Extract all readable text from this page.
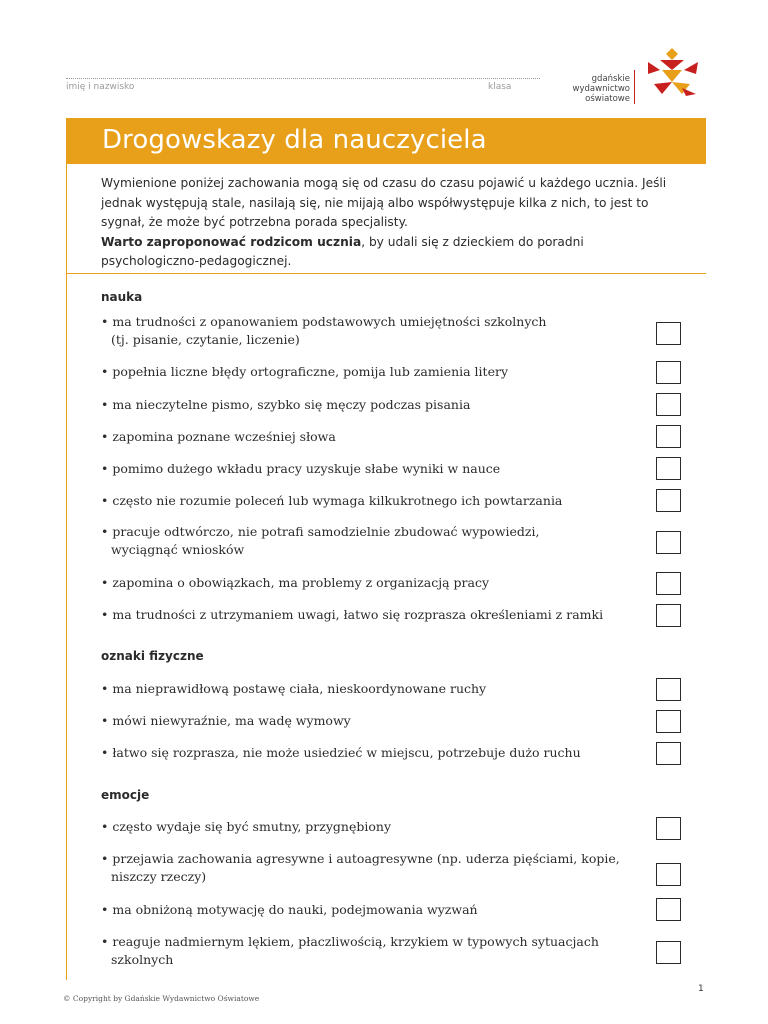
imię i nazwisko	klasa
gdańskie
wydawnictwo
oświatowe
Drogowskazy dla nauczyciela

Wymienione poniżej zachowania mogą się od czasu do czasu pojawić u każdego ucznia. Jeśli jednak występują stale, nasilają się, nie mijają albo współwystępuje kilka z nich, to jest to sygnał, że może być potrzebna porada specjalisty.
Warto zaproponować rodzicom ucznia, by udali się z dzieckiem do poradni psychologiczno-pedagogicznej.

nauka
• ma trudności z opanowaniem podstawowych umiejętności szkolnych
(tj. pisanie, czytanie, liczenie)
• popełnia liczne błędy ortograficzne, pomija lub zamienia litery
• ma nieczytelne pismo, szybko się męczy podczas pisania
• zapomina poznane wcześniej słowa
• pomimo dużego wkładu pracy uzyskuje słabe wyniki w nauce
• często nie rozumie poleceń lub wymaga kilkukrotnego ich powtarzania
• pracuje odtwórczo, nie potrafi samodzielnie zbudować wypowiedzi,
wyciągnąć wniosków
• zapomina o obowiązkach, ma problemy z organizacją pracy
• ma trudności z utrzymaniem uwagi, łatwo się rozprasza określeniami z ramki
oznaki fizyczne
• ma nieprawidłową postawę ciała, nieskoordynowane ruchy
• mówi niewyraźnie, ma wadę wymowy
• łatwo się rozprasza, nie może usiedzieć w miejscu, potrzebuje dużo ruchu
emocje
• często wydaje się być smutny, przygnębiony
• przejawia zachowania agresywne i autoagresywne (np. uderza pięściami, kopie,
niszczy rzeczy)
• ma obniżoną motywację do nauki, podejmowania wyzwań
• reaguje nadmiernym lękiem, płaczliwością, krzykiem w typowych sytuacjach
szkolnych
1
© Copyright by Gdańskie Wydawnictwo Oświatowe
